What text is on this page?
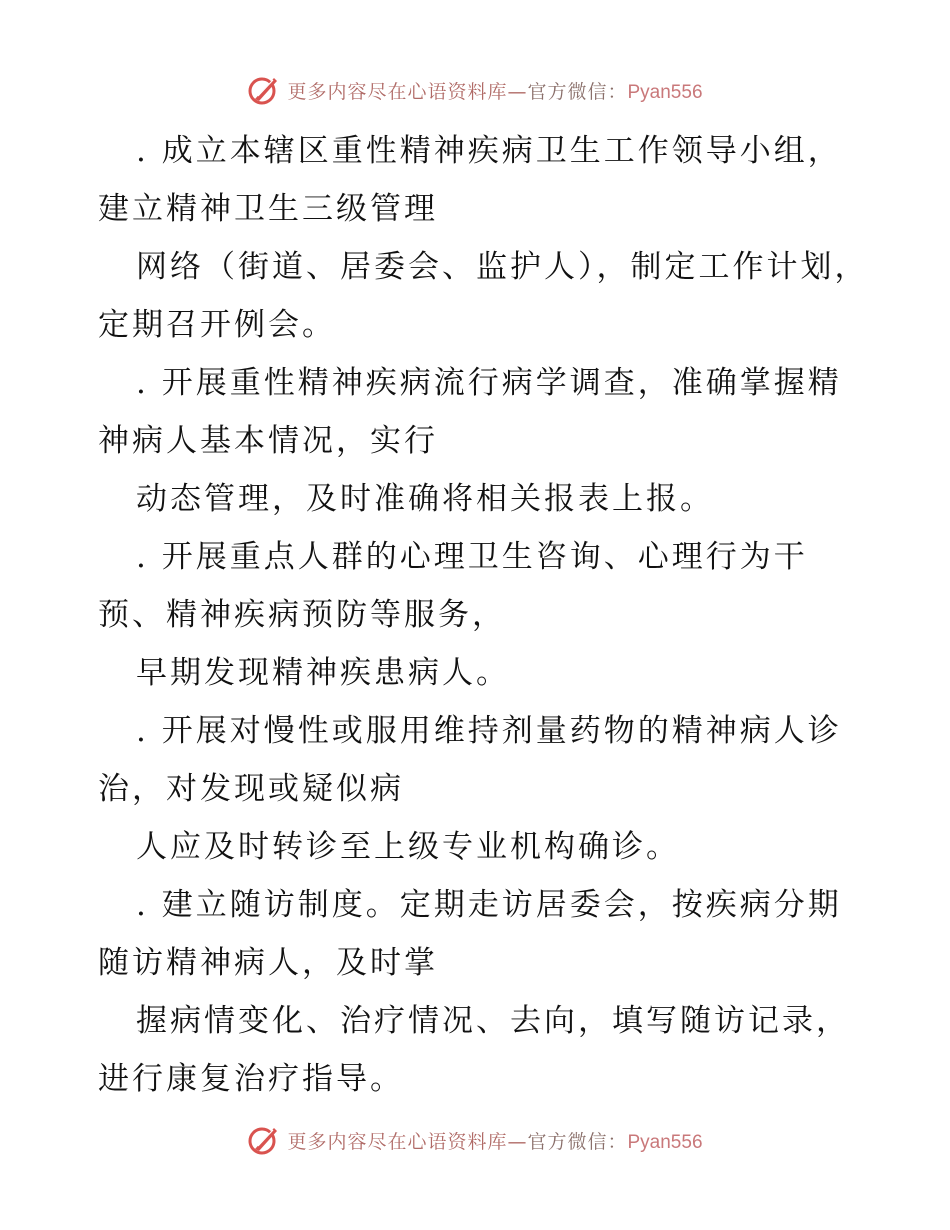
更多内容尽在心语资料库—官方微信：Pyan556
. 成立本辖区重性精神疾病卫生工作领导小组，
建立精神卫生三级管理
网络（街道、居委会、监护人），制定工作计划，
定期召开例会。
. 开展重性精神疾病流行病学调查，准确掌握精
神病人基本情况，实行
动态管理，及时准确将相关报表上报。
. 开展重点人群的心理卫生咨询、心理行为干
预、精神疾病预防等服务，
早期发现精神疾患病人。
. 开展对慢性或服用维持剂量药物的精神病人诊
治，对发现或疑似病
人应及时转诊至上级专业机构确诊。
. 建立随访制度。定期走访居委会，按疾病分期
随访精神病人，及时掌
握病情变化、治疗情况、去向，填写随访记录，
进行康复治疗指导。
更多内容尽在心语资料库—官方微信：Pyan556
